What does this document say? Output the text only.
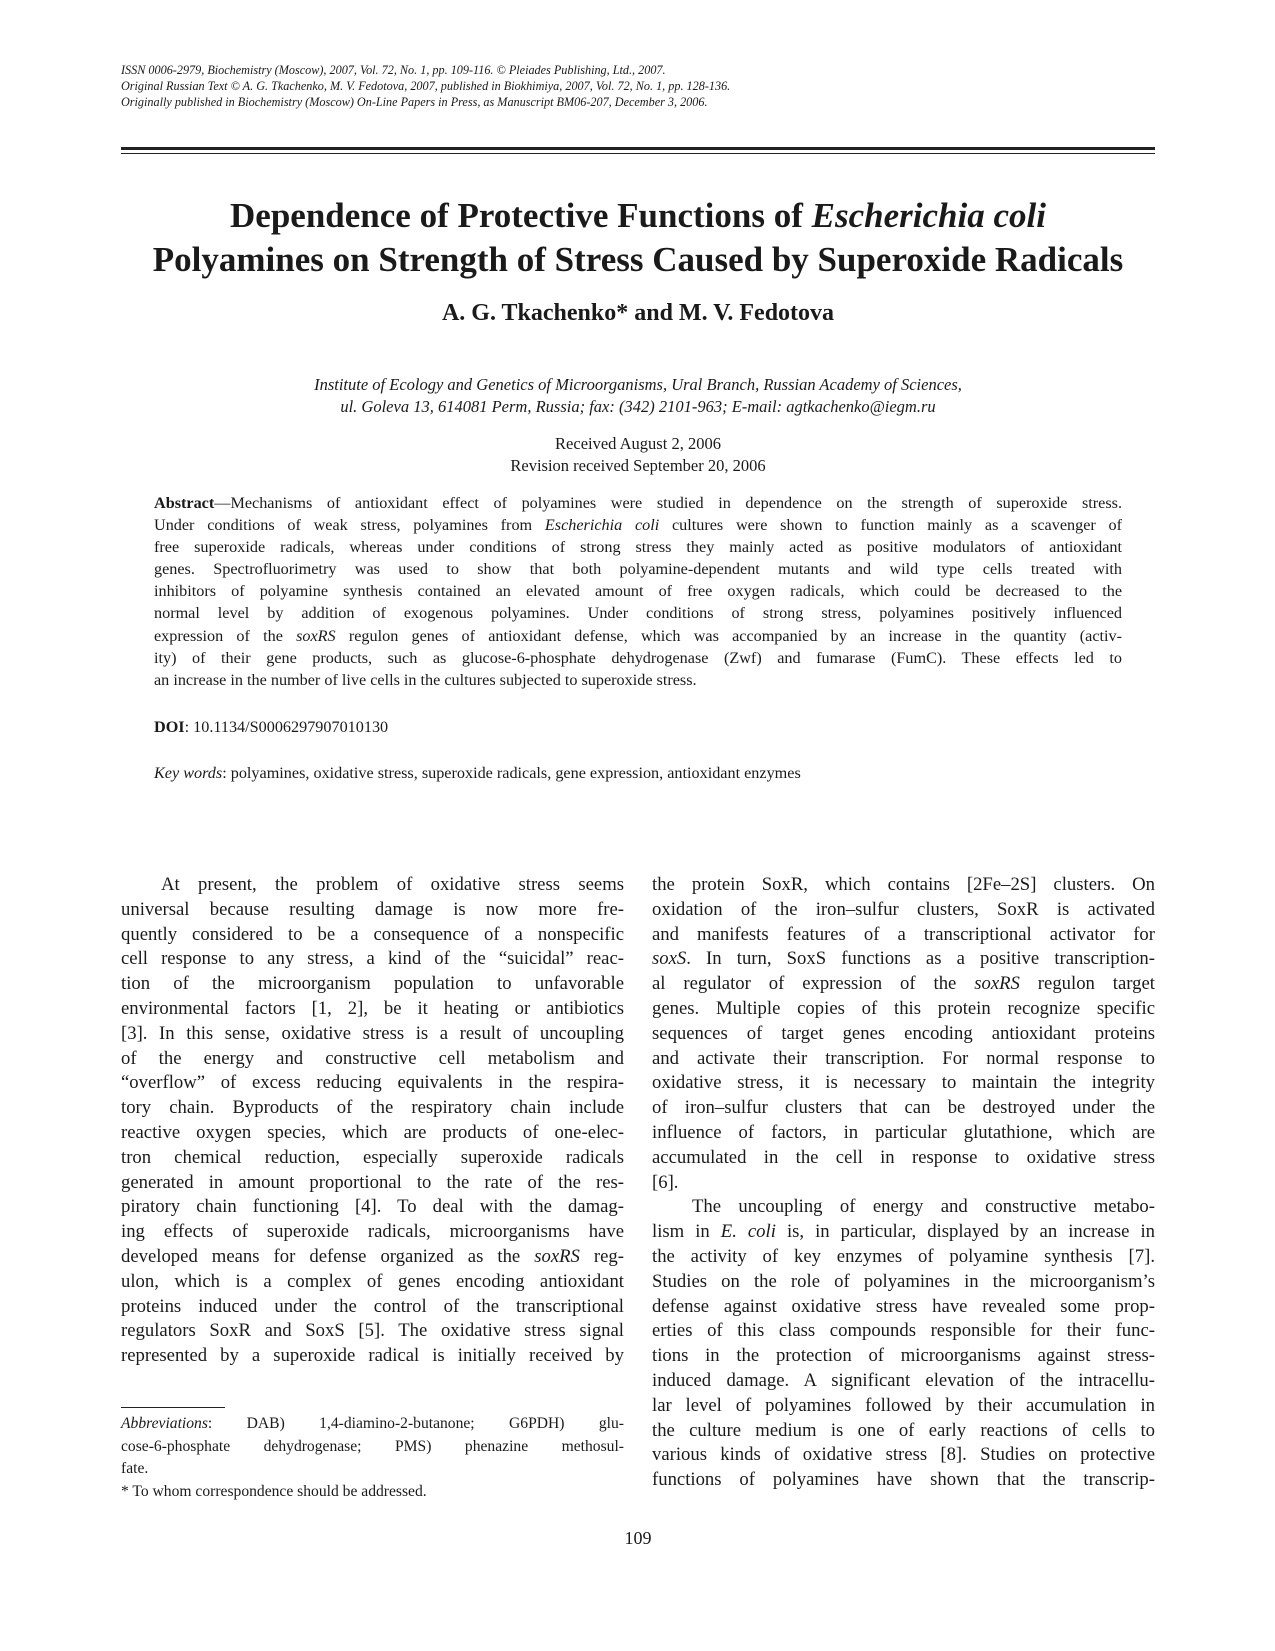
ISSN 0006-2979, Biochemistry (Moscow), 2007, Vol. 72, No. 1, pp. 109-116. © Pleiades Publishing, Ltd., 2007.
Original Russian Text © A. G. Tkachenko, M. V. Fedotova, 2007, published in Biokhimiya, 2007, Vol. 72, No. 1, pp. 128-136.
Originally published in Biochemistry (Moscow) On-Line Papers in Press, as Manuscript BM06-207, December 3, 2006.
Dependence of Protective Functions of Escherichia coli
Polyamines on Strength of Stress Caused by Superoxide Radicals
A. G. Tkachenko* and M. V. Fedotova
Institute of Ecology and Genetics of Microorganisms, Ural Branch, Russian Academy of Sciences,
ul. Goleva 13, 614081 Perm, Russia; fax: (342) 2101-963; E-mail: agtkachenko@iegm.ru
Received August 2, 2006
Revision received September 20, 2006
Abstract—Mechanisms of antioxidant effect of polyamines were studied in dependence on the strength of superoxide stress.
Under conditions of weak stress, polyamines from Escherichia coli cultures were shown to function mainly as a scavenger of
free superoxide radicals, whereas under conditions of strong stress they mainly acted as positive modulators of antioxidant
genes. Spectrofluorimetry was used to show that both polyamine-dependent mutants and wild type cells treated with
inhibitors of polyamine synthesis contained an elevated amount of free oxygen radicals, which could be decreased to the
normal level by addition of exogenous polyamines. Under conditions of strong stress, polyamines positively influenced
expression of the soxRS regulon genes of antioxidant defense, which was accompanied by an increase in the quantity (activ-
ity) of their gene products, such as glucose-6-phosphate dehydrogenase (Zwf) and fumarase (FumC). These effects led to
an increase in the number of live cells in the cultures subjected to superoxide stress.
DOI: 10.1134/S0006297907010130
Key words: polyamines, oxidative stress, superoxide radicals, gene expression, antioxidant enzymes
At present, the problem of oxidative stress seems
universal because resulting damage is now more fre-
quently considered to be a consequence of a nonspecific
cell response to any stress, a kind of the “suicidal” reac-
tion of the microorganism population to unfavorable
environmental factors [1, 2], be it heating or antibiotics
[3]. In this sense, oxidative stress is a result of uncoupling
of the energy and constructive cell metabolism and
“overflow” of excess reducing equivalents in the respira-
tory chain. Byproducts of the respiratory chain include
reactive oxygen species, which are products of one-elec-
tron chemical reduction, especially superoxide radicals
generated in amount proportional to the rate of the res-
piratory chain functioning [4]. To deal with the damag-
ing effects of superoxide radicals, microorganisms have
developed means for defense organized as the soxRS reg-
ulon, which is a complex of genes encoding antioxidant
proteins induced under the control of the transcriptional
regulators SoxR and SoxS [5]. The oxidative stress signal
represented by a superoxide radical is initially received by
Abbreviations: DAB) 1,4-diamino-2-butanone; G6PDH) glu-
cose-6-phosphate dehydrogenase; PMS) phenazine methosul-
fate.
* To whom correspondence should be addressed.
the protein SoxR, which contains [2Fe–2S] clusters. On
oxidation of the iron–sulfur clusters, SoxR is activated
and manifests features of a transcriptional activator for
soxS. In turn, SoxS functions as a positive transcription-
al regulator of expression of the soxRS regulon target
genes. Multiple copies of this protein recognize specific
sequences of target genes encoding antioxidant proteins
and activate their transcription. For normal response to
oxidative stress, it is necessary to maintain the integrity
of iron–sulfur clusters that can be destroyed under the
influence of factors, in particular glutathione, which are
accumulated in the cell in response to oxidative stress
[6].
The uncoupling of energy and constructive metabo-
lism in E. coli is, in particular, displayed by an increase in
the activity of key enzymes of polyamine synthesis [7].
Studies on the role of polyamines in the microorganism’s
defense against oxidative stress have revealed some prop-
erties of this class compounds responsible for their func-
tions in the protection of microorganisms against stress-
induced damage. A significant elevation of the intracellu-
lar level of polyamines followed by their accumulation in
the culture medium is one of early reactions of cells to
various kinds of oxidative stress [8]. Studies on protective
functions of polyamines have shown that the transcrip-
109
